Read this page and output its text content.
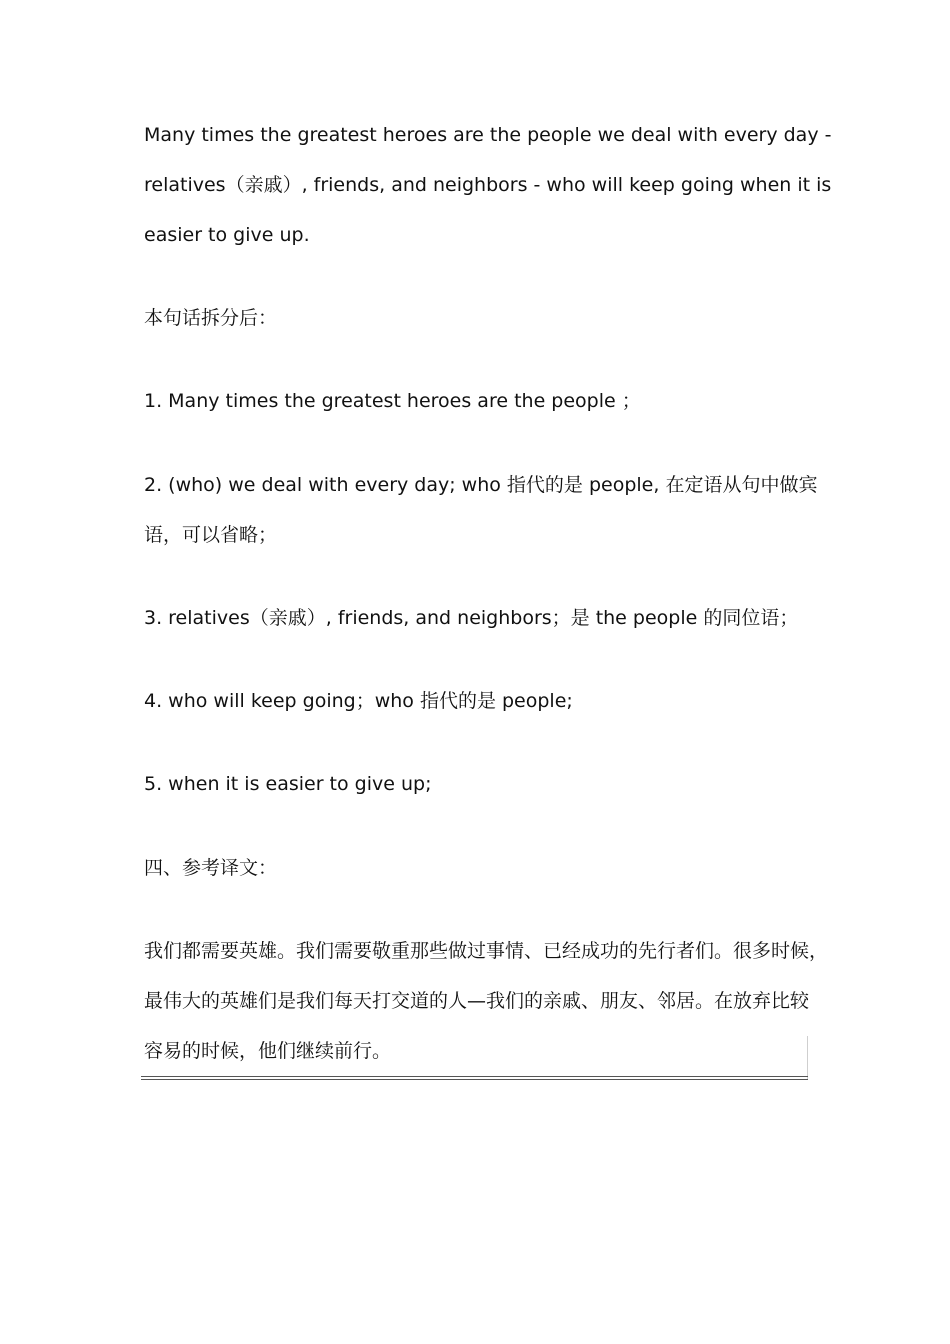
Many times the greatest heroes are the people we deal with every day -
relatives（亲戚）, friends, and neighbors - who will keep going when it is
easier to give up.
本句话拆分后：
1. Many times the greatest heroes are the people ；
2. (who) we deal with every day; who 指代的是 people, 在定语从句中做宾
语，可以省略；
3. relatives（亲戚）, friends, and neighbors；是 the people 的同位语；
4. who will keep going；who 指代的是 people;
5. when it is easier to give up;
四、参考译文：
我们都需要英雄。我们需要敬重那些做过事情、已经成功的先行者们。很多时候，
最伟大的英雄们是我们每天打交道的人—我们的亲戚、朋友、邻居。在放弃比较
容易的时候，他们继续前行。
